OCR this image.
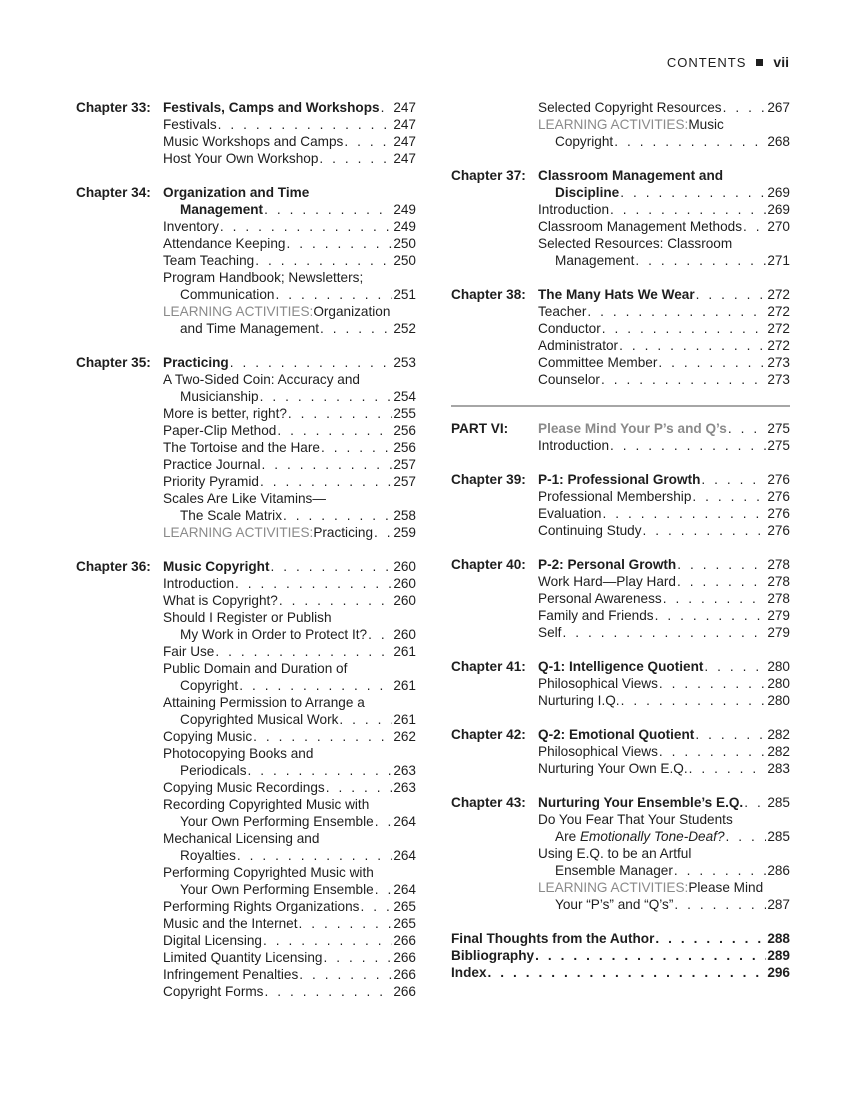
CONTENTS vii
Chapter 33: Festivals, Camps and Workshops . . . 247
Festivals . . .	247
Music Workshops and Camps . . .	247
Host Your Own Workshop . . .	247
Chapter 34: Organization and Time
Management . . .	249
Inventory . . .	249
Attendance Keeping . . .	250
Team Teaching . . .	250
Program Handbook; Newsletters;
Communication . . .	251
LEARNING ACTIVITIES: Organization
and Time Management . . .	252
Chapter 35: Practicing . . .	253
A Two-Sided Coin: Accuracy and
Musicianship . . .	254
More is better, right? . . .	255
Paper-Clip Method . . .	256
The Tortoise and the Hare . . .	256
Practice Journal . . .	257
Priority Pyramid . . .	257
Scales Are Like Vitamins—
The Scale Matrix . . .	258
LEARNING ACTIVITIES: Practicing . . . 259
Chapter 36: Music Copyright . . .	260
Introduction . . .	260
What is Copyright? . . .	260
Should I Register or Publish
My Work in Order to Protect It? . . . 260
Fair Use . . .	261
Public Domain and Duration of
Copyright . . .	261
Attaining Permission to Arrange a
Copyrighted Musical Work . . .	261
Copying Music . . .	262
Photocopying Books and
Periodicals . . .	263
Copying Music Recordings . . .	263
Recording Copyrighted Music with
Your Own Performing Ensemble . . . 264
Mechanical Licensing and
Royalties . . .	264
Performing Copyrighted Music with
Your Own Performing Ensemble . . . 264
Performing Rights Organizations . . . 265
Music and the Internet . . .	265
Digital Licensing . . .	266
Limited Quantity Licensing . . .	266
Infringement Penalties . . .	266
Copyright Forms . . .	266
Selected Copyright Resources . . .	267
LEARNING ACTIVITIES: Music
Copyright . . .	268
Chapter 37: Classroom Management and
Discipline . . .	269
Introduction . . .	269
Classroom Management Methods . . . 270
Selected Resources: Classroom
Management . . .	271
Chapter 38: The Many Hats We Wear . . .	272
Teacher . . .	272
Conductor . . .	272
Administrator . . .	272
Committee Member . . .	273
Counselor . . .	273
PART VI:	Please Mind Your P’s and Q’s . . .	275
Introduction . . .	275
Chapter 39: P-1: Professional Growth . . .	276
Professional Membership . . .	276
Evaluation . . .	276
Continuing Study . . .	276
Chapter 40: P-2: Personal Growth . . .	278
Work Hard—Play Hard . . .	278
Personal Awareness . . .	278
Family and Friends . . .	279
Self . . .	279
Chapter 41: Q-1: Intelligence Quotient . . .	280
Philosophical Views . . .	280
Nurturing I.Q. . . .	280
Chapter 42: Q-2: Emotional Quotient . . .	282
Philosophical Views . . .	282
Nurturing Your Own E.Q. . . .	283
Chapter 43: Nurturing Your Ensemble’s E.Q. . . . 285
Do You Fear That Your Students
Are Emotionally Tone-Deaf? . . .	285
Using E.Q. to be an Artful
Ensemble Manager . . .	286
LEARNING ACTIVITIES: Please Mind
Your “P’s” and “Q’s” . . .	287
Final Thoughts from the Author . . .	288
Bibliography . . .	289
Index . . .	296
